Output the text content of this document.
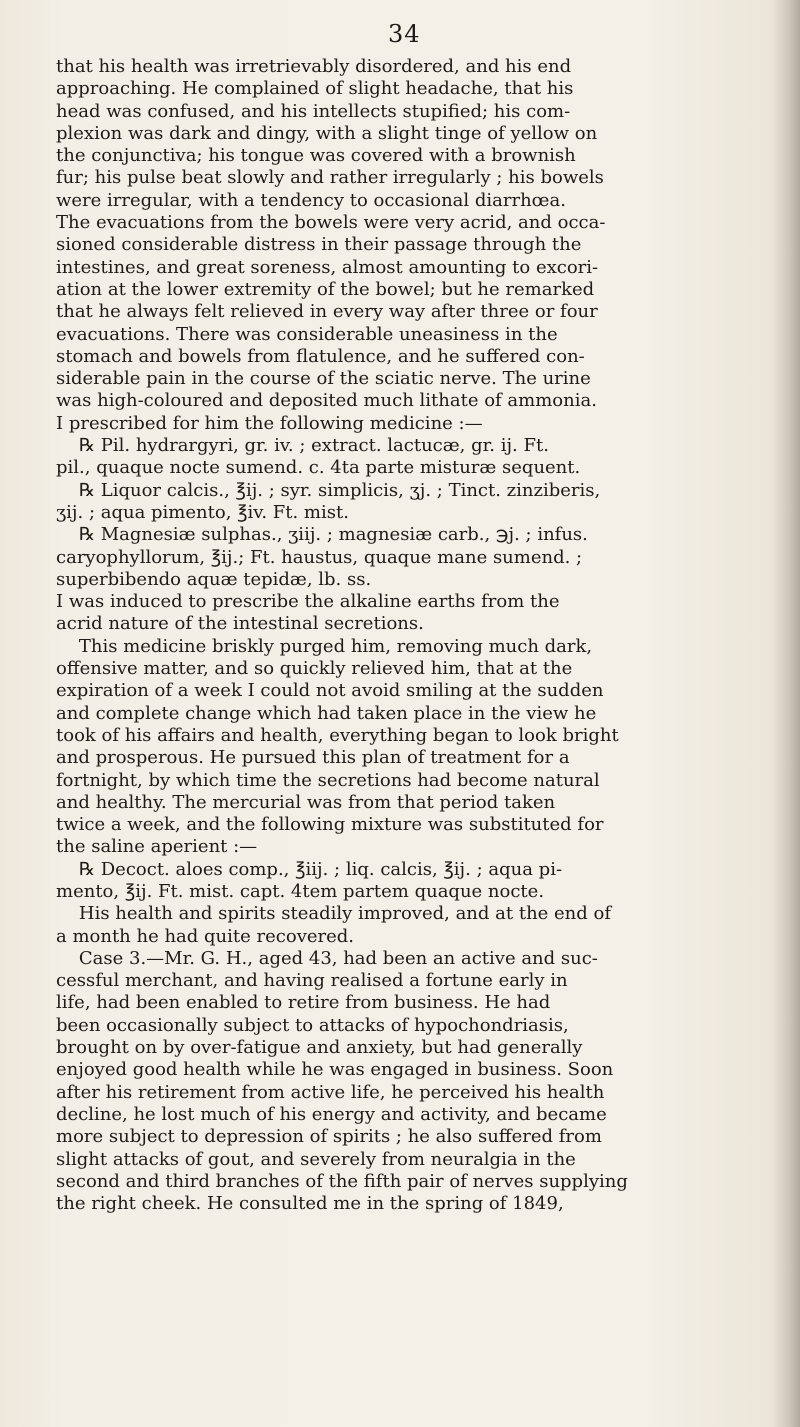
34
that his health was irretrievably disordered, and his end
approaching. He complained of slight headache, that his
head was confused, and his intellects stupified; his com-
plexion was dark and dingy, with a slight tinge of yellow on
the conjunctiva; his tongue was covered with a brownish
fur; his pulse beat slowly and rather irregularly ; his bowels
were irregular, with a tendency to occasional diarrhœa.
The evacuations from the bowels were very acrid, and occa-
sioned considerable distress in their passage through the
intestines, and great soreness, almost amounting to excori-
ation at the lower extremity of the bowel; but he remarked
that he always felt relieved in every way after three or four
evacuations. There was considerable uneasiness in the
stomach and bowels from flatulence, and he suffered con-
siderable pain in the course of the sciatic nerve. The urine
was high-coloured and deposited much lithate of ammonia.
I prescribed for him the following medicine :—
℞ Pil. hydrargyri, gr. iv. ; extract. lactucæ, gr. ij. Ft.
pil., quaque nocte sumend. c. 4ta parte misturæ sequent.
℞ Liquor calcis., ℥ij. ; syr. simplicis, ʒj. ; Tinct. zinziberis,
ʒij. ; aqua pimento, ℥iv. Ft. mist.
℞ Magnesiæ sulphas., ʒiij. ; magnesiæ carb., ℈j. ; infus.
caryophyllorum, ℥ij.; Ft. haustus, quaque mane sumend. ;
superbibendo aquæ tepidæ, lb. ss.
I was induced to prescribe the alkaline earths from the
acrid nature of the intestinal secretions.
This medicine briskly purged him, removing much dark,
offensive matter, and so quickly relieved him, that at the
expiration of a week I could not avoid smiling at the sudden
and complete change which had taken place in the view he
took of his affairs and health, everything began to look bright
and prosperous. He pursued this plan of treatment for a
fortnight, by which time the secretions had become natural
and healthy. The mercurial was from that period taken
twice a week, and the following mixture was substituted for
the saline aperient :—
℞ Decoct. aloes comp., ℥iij. ; liq. calcis, ℥ij. ; aqua pi-
mento, ℥ij. Ft. mist. capt. 4tem partem quaque nocte.
His health and spirits steadily improved, and at the end of
a month he had quite recovered.
Case 3.—Mr. G. H., aged 43, had been an active and suc-
cessful merchant, and having realised a fortune early in
life, had been enabled to retire from business. He had
been occasionally subject to attacks of hypochondriasis,
brought on by over-fatigue and anxiety, but had generally
enjoyed good health while he was engaged in business. Soon
after his retirement from active life, he perceived his health
decline, he lost much of his energy and activity, and became
more subject to depression of spirits ; he also suffered from
slight attacks of gout, and severely from neuralgia in the
second and third branches of the fifth pair of nerves supplying
the right cheek. He consulted me in the spring of 1849,
